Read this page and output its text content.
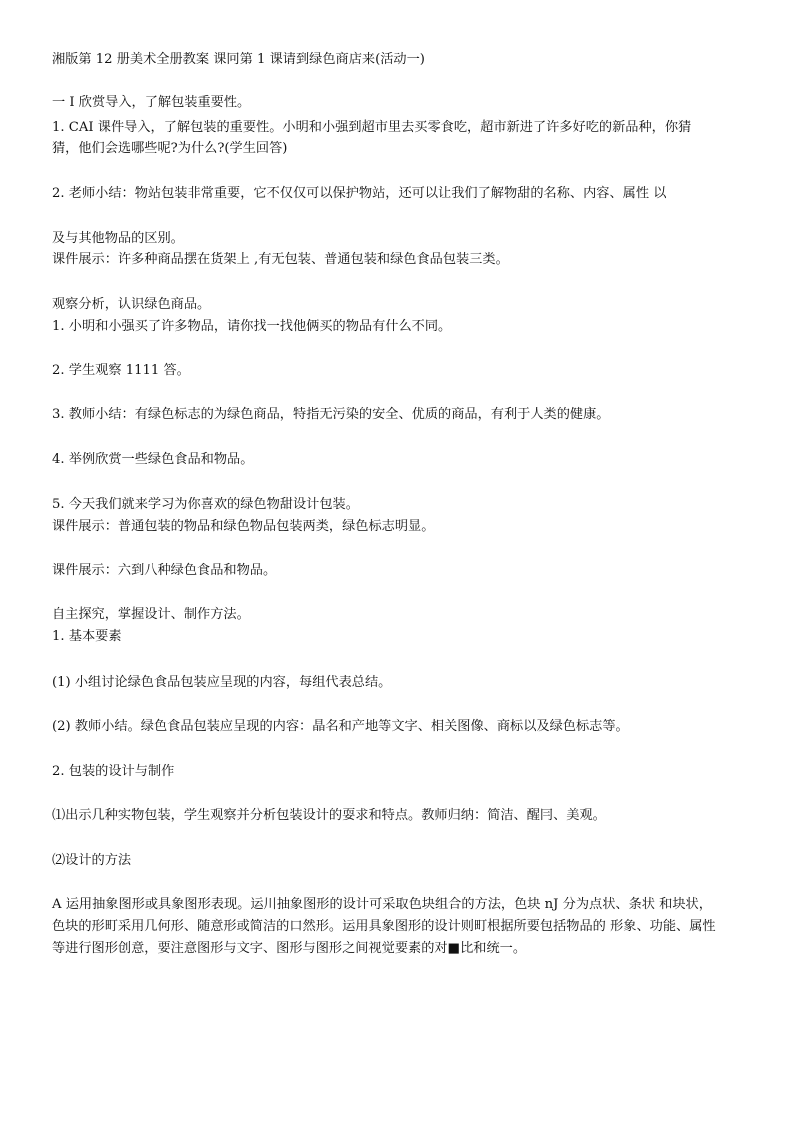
湘版第 12 册美术全册教案 课冋第 1 课请到绿色商店来(活动一)
一 I 欣赏导入，了解包装重要性。
1. CAI 课件导入，了解包装的重要性。小明和小强到超市里去买零食吃，超市新进了许多好吃的新品种，你猜
猜，他们会选哪些呢?为什么?(学生回答)
2. 老师小结：物站包装非常重要，它不仅仅可以保护物站，还可以让我们了解物甜的名称、内容、属性 以
及与其他物品的区别。
课件展示：许多种商品摆在货架上 ,有无包装、普通包装和绿色食品包装三类。
观察分析，认识绿色商品。
1. 小明和小强买了许多物品，请你找一找他俩买的物品有什么不同。
2. 学生观察 1111 答。
3. 教师小结：有绿色标志的为绿色商品，特指无污染的安全、优质的商品，有利于人类的健康。
4. 举例欣赏一些绿色食品和物品。
5. 今天我们就来学习为你喜欢的绿色物甜设计包装。
课件展示：普通包装的物品和绿色物品包装两类，绿色标志明显。
课件展示：六到八种绿色食品和物品。
自主探究，掌握设计、制作方法。
1. 基本要素
(1) 小组讨论绿色食品包装应呈现的内容，每组代表总结。
(2) 教师小结。绿色食品包装应呈现的内容：晶名和产地等文字、相关图像、商标以及绿色标志等。
2. 包装的设计与制作
⑴出示几种实物包装，学生观察并分析包装设计的耍求和特点。教师归纳：简洁、醒冃、美观。
⑵设计的方法
A 运用抽象图形或具象图形表现。运川抽象图形的设计可采取色块组合的方法，色块 nJ 分为点状、条状 和块状，
色块的形町采用几何形、随意形或简洁的口然形。运用具象图形的设计则町根据所要包括物品的 形象、功能、属性
等进行图形创意，要注意图形与文字、图形与图形之间视觉要素的对■比和统一。
